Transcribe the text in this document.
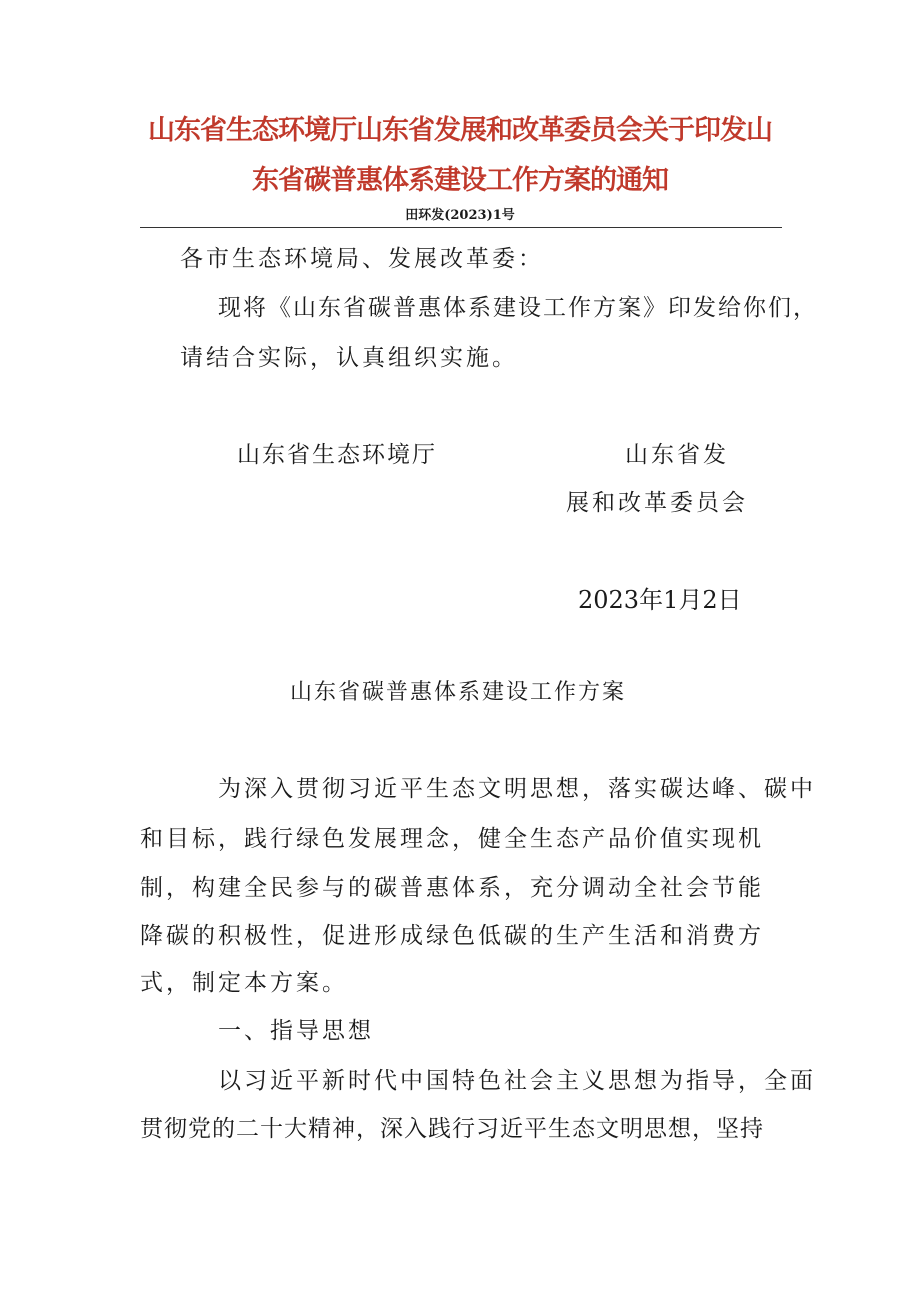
山东省生态环境厅山东省发展和改革委员会关于印发山
东省碳普惠体系建设工作方案的通知
田环发(2023)1号
各市生态环境局、发展改革委：
现将《山东省碳普惠体系建设工作方案》印发给你们，
请结合实际，认真组织实施。
山东省生态环境厅	山东省发
展和改革委员会
2023年1月2日
山东省碳普惠体系建设工作方案
为深入贯彻习近平生态文明思想，落实碳达峰、碳中
和目标，践行绿色发展理念，健全生态产品价值实现机
制，构建全民参与的碳普惠体系，充分调动全社会节能
降碳的积极性，促进形成绿色低碳的生产生活和消费方
式，制定本方案。
一、指导思想
以习近平新时代中国特色社会主义思想为指导，全面
贯彻党的二十大精神，深入践行习近平生态文明思想，坚持
